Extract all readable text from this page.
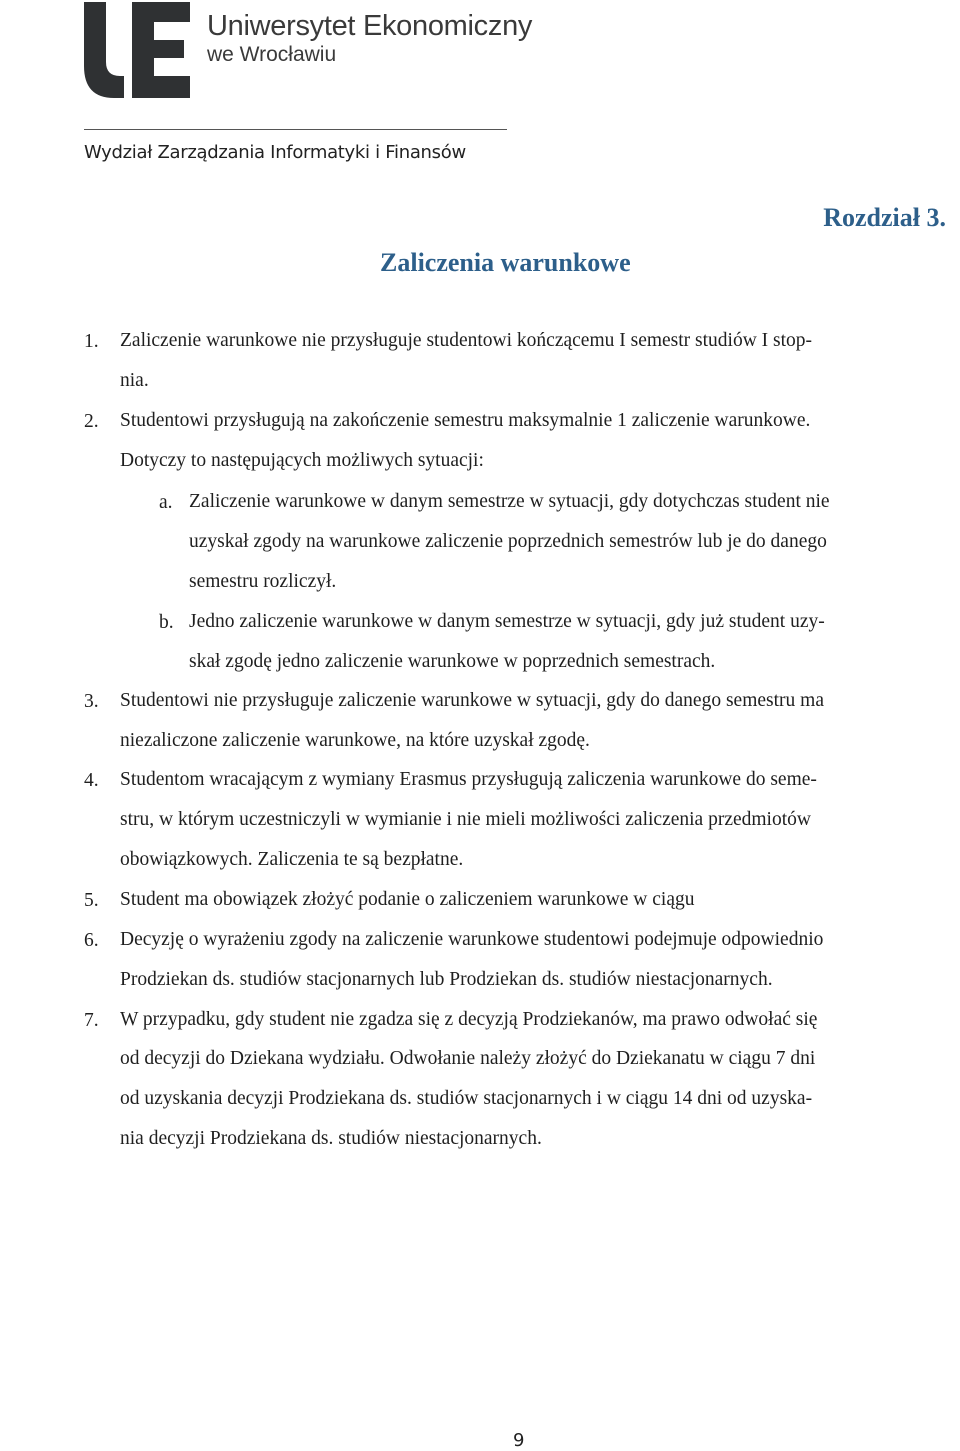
Uniwersytet Ekonomiczny
we Wrocławiu
Wydział Zarządzania Informatyki i Finansów
Rozdział 3.
Zaliczenia warunkowe
1. Zaliczenie warunkowe nie przysługuje studentowi kończącemu I semestr studiów I stop-
nia.
2. Studentowi przysługują na zakończenie semestru maksymalnie 1 zaliczenie warunkowe.
Dotyczy to następujących możliwych sytuacji:
a. Zaliczenie warunkowe w danym semestrze w sytuacji, gdy dotychczas student nie
uzyskał zgody na warunkowe zaliczenie poprzednich semestrów lub je do danego
semestru rozliczył.
b. Jedno zaliczenie warunkowe w danym semestrze w sytuacji, gdy już student uzy-
skał zgodę jedno zaliczenie warunkowe w poprzednich semestrach.
3. Studentowi nie przysługuje zaliczenie warunkowe w sytuacji, gdy do danego semestru ma
niezaliczone zaliczenie warunkowe, na które uzyskał zgodę.
4. Studentom wracającym z wymiany Erasmus przysługują zaliczenia warunkowe do seme-
stru, w którym uczestniczyli w wymianie i nie mieli możliwości zaliczenia przedmiotów
obowiązkowych. Zaliczenia te są bezpłatne.
5. Student ma obowiązek złożyć podanie o zaliczeniem warunkowe w ciągu
6. Decyzję o wyrażeniu zgody na zaliczenie warunkowe studentowi podejmuje odpowiednio
Prodziekan ds. studiów stacjonarnych lub Prodziekan ds. studiów niestacjonarnych.
7. W przypadku, gdy student nie zgadza się z decyzją Prodziekanów, ma prawo odwołać się
od decyzji do Dziekana wydziału. Odwołanie należy złożyć do Dziekanatu w ciągu 7 dni
od uzyskania decyzji Prodziekana ds. studiów stacjonarnych i w ciągu 14 dni od uzyska-
nia decyzji Prodziekana ds. studiów niestacjonarnych.
9
